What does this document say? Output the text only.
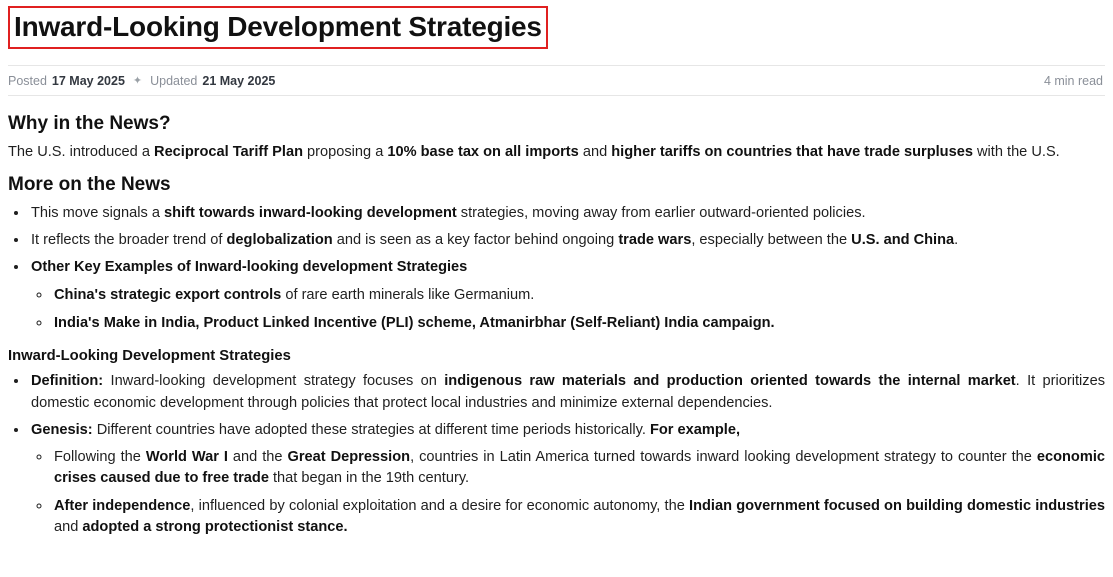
Inward-Looking Development Strategies
Posted 17 May 2025 ✦ Updated 21 May 2025	4 min read
Why in the News?

The U.S. introduced a Reciprocal Tariff Plan proposing a 10% base tax on all imports and higher tariffs on countries that have trade surpluses with the U.S.

More on the News
• This move signals a shift towards inward-looking development strategies, moving away from earlier outward-oriented policies.
• It reflects the broader trend of deglobalization and is seen as a key factor behind ongoing trade wars, especially between the U.S. and China.
• Other Key Examples of Inward-looking development Strategies
◦ China's strategic export controls of rare earth minerals like Germanium.
◦ India's Make in India, Product Linked Incentive (PLI) scheme, Atmanirbhar (Self-Reliant) India campaign.

Inward-Looking Development Strategies

• Definition: Inward-looking development strategy focuses on indigenous raw materials and production oriented towards the internal market. It prioritizes domestic economic development through policies that protect local industries and minimize external dependencies.
• Genesis: Different countries have adopted these strategies at different time periods historically. For example,
◦ Following the World War I and the Great Depression, countries in Latin America turned towards inward looking development strategy to counter the economic crises caused due to free trade that began in the 19th century.
◦ After independence, influenced by colonial exploitation and a desire for economic autonomy, the Indian government focused on building domestic industries and adopted a strong protectionist stance.
